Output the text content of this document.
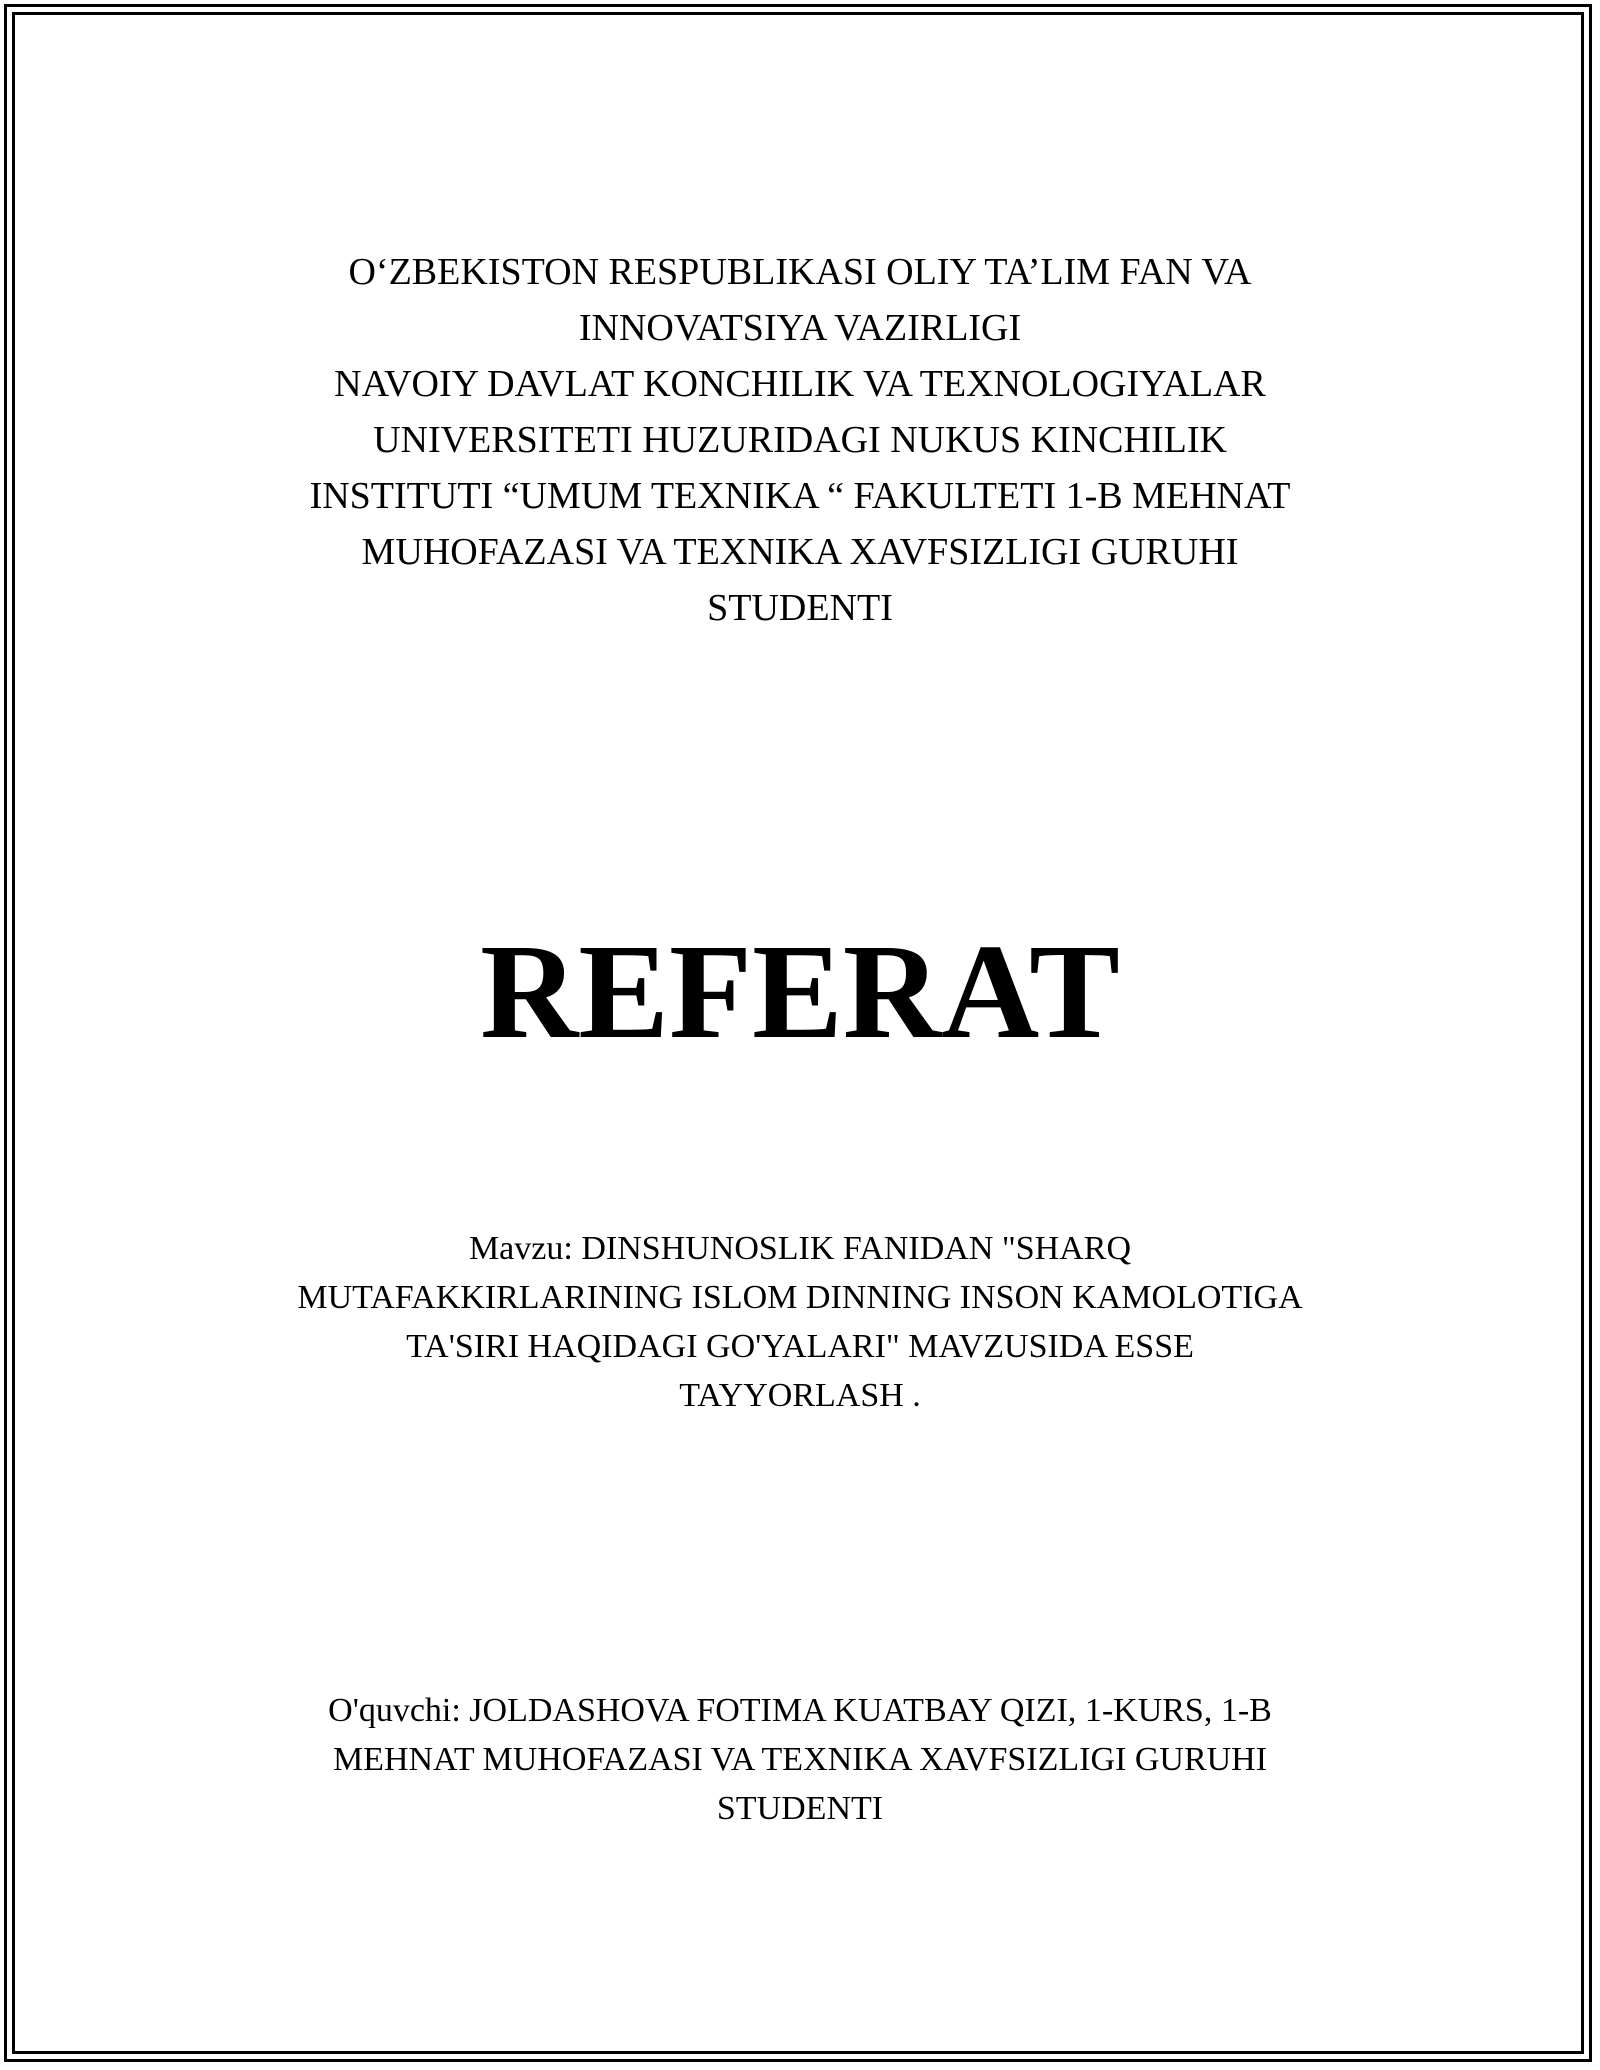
O‘ZBEKISTON RESPUBLIKASI OLIY TA’LIM FAN VA
INNOVATSIYA VAZIRLIGI
NAVOIY DAVLAT KONCHILIK VA TEXNOLOGIYALAR
UNIVERSITETI HUZURIDAGI NUKUS KINCHILIK
INSTITUTI “UMUM TEXNIKA “ FAKULTETI 1-B MEHNAT
MUHOFAZASI VA TEXNIKA XAVFSIZLIGI GURUHI
STUDENTI
REFERAT
Mavzu: DINSHUNOSLIK FANIDAN "SHARQ
MUTAFAKKIRLARINING ISLOM DINNING INSON KAMOLOTIGA
TA'SIRI HAQIDAGI GO'YALARI" MAVZUSIDA ESSE
TAYYORLASH .
O'quvchi: JOLDASHOVA FOTIMA KUATBAY QIZI, 1-KURS, 1-B
MEHNAT MUHOFAZASI VA TEXNIKA XAVFSIZLIGI GURUHI
STUDENTI
